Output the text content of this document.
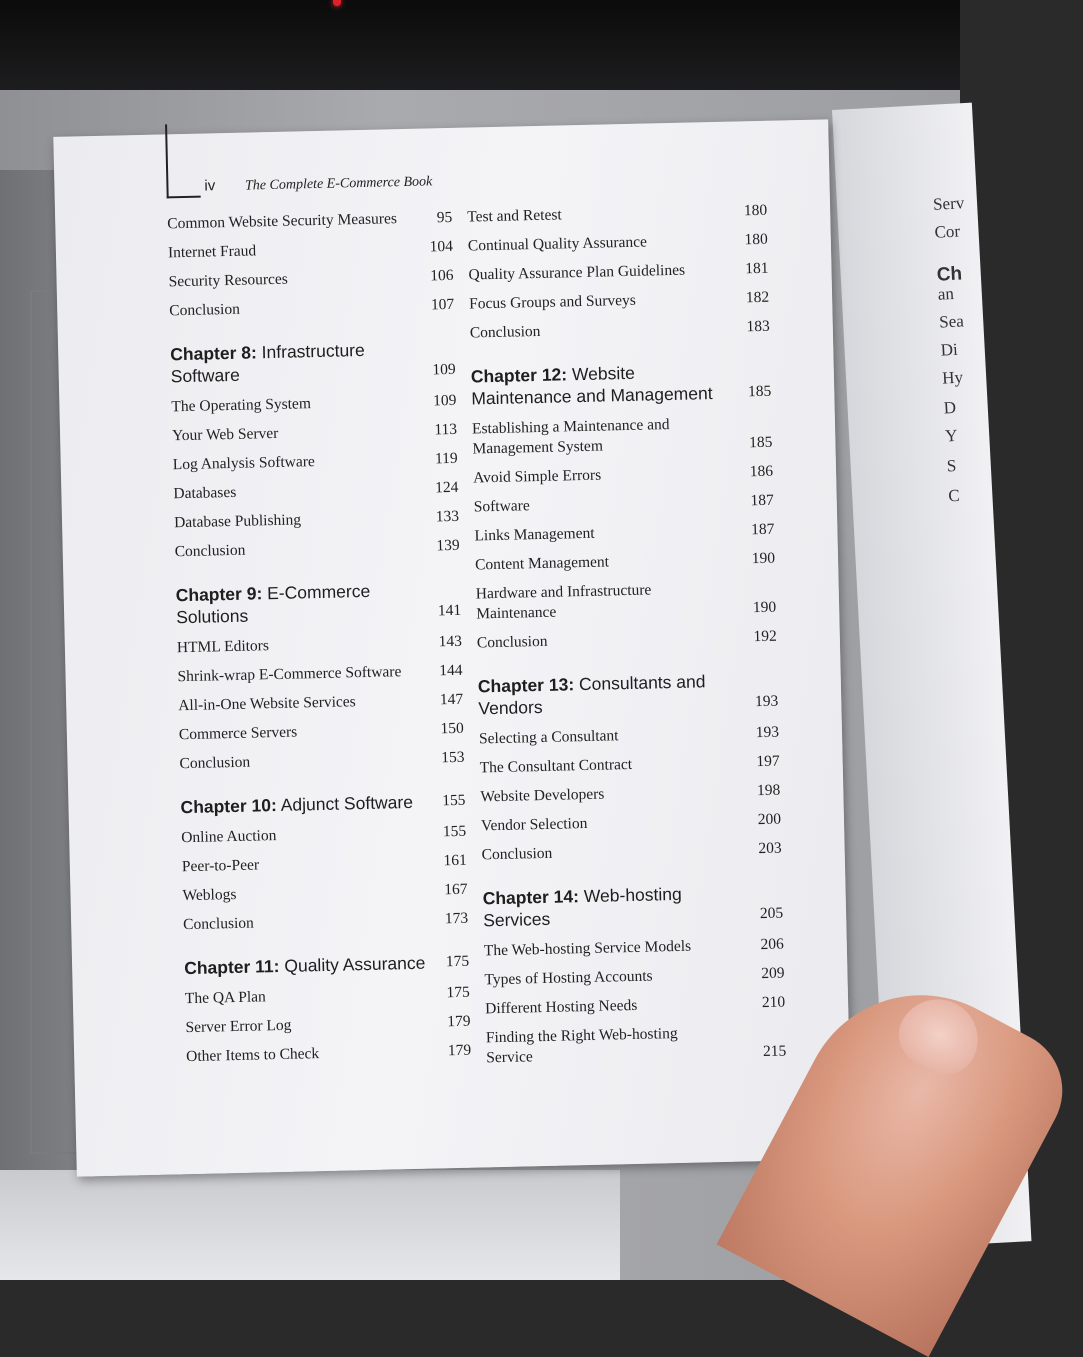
Serv
Cor
Ch
an
Sea
Di
Hy
D
Y
S
C
iv The Complete E-Commerce Book
Common Website Security Measures	95
Internet Fraud	104
Security Resources	106
Conclusion	107
Chapter 8: Infrastructure Software	109
The Operating System	109
Your Web Server	113
Log Analysis Software	119
Databases	124
Database Publishing	133
Conclusion	139
Chapter 9: E-Commerce Solutions	141
HTML Editors	143
Shrink-wrap E-Commerce Software	144
All-in-One Website Services	147
Commerce Servers	150
Conclusion	153
Chapter 10: Adjunct Software	155
Online Auction	155
Peer-to-Peer	161
Weblogs	167
Conclusion	173
Chapter 11: Quality Assurance	175
The QA Plan	175
Server Error Log	179
Other Items to Check	179
Test and Retest	180
Continual Quality Assurance	180
Quality Assurance Plan Guidelines	181
Focus Groups and Surveys	182
Conclusion	183
Chapter 12: Website Maintenance and Management	185
Establishing a Maintenance and Management System	185
Avoid Simple Errors	186
Software	187
Links Management	187
Content Management	190
Hardware and Infrastructure Maintenance	190
Conclusion	192
Chapter 13: Consultants and Vendors	193
Selecting a Consultant	193
The Consultant Contract	197
Website Developers	198
Vendor Selection	200
Conclusion	203
Chapter 14: Web-hosting Services	205
The Web-hosting Service Models	206
Types of Hosting Accounts	209
Different Hosting Needs	210
Finding the Right Web-hosting Service	215
